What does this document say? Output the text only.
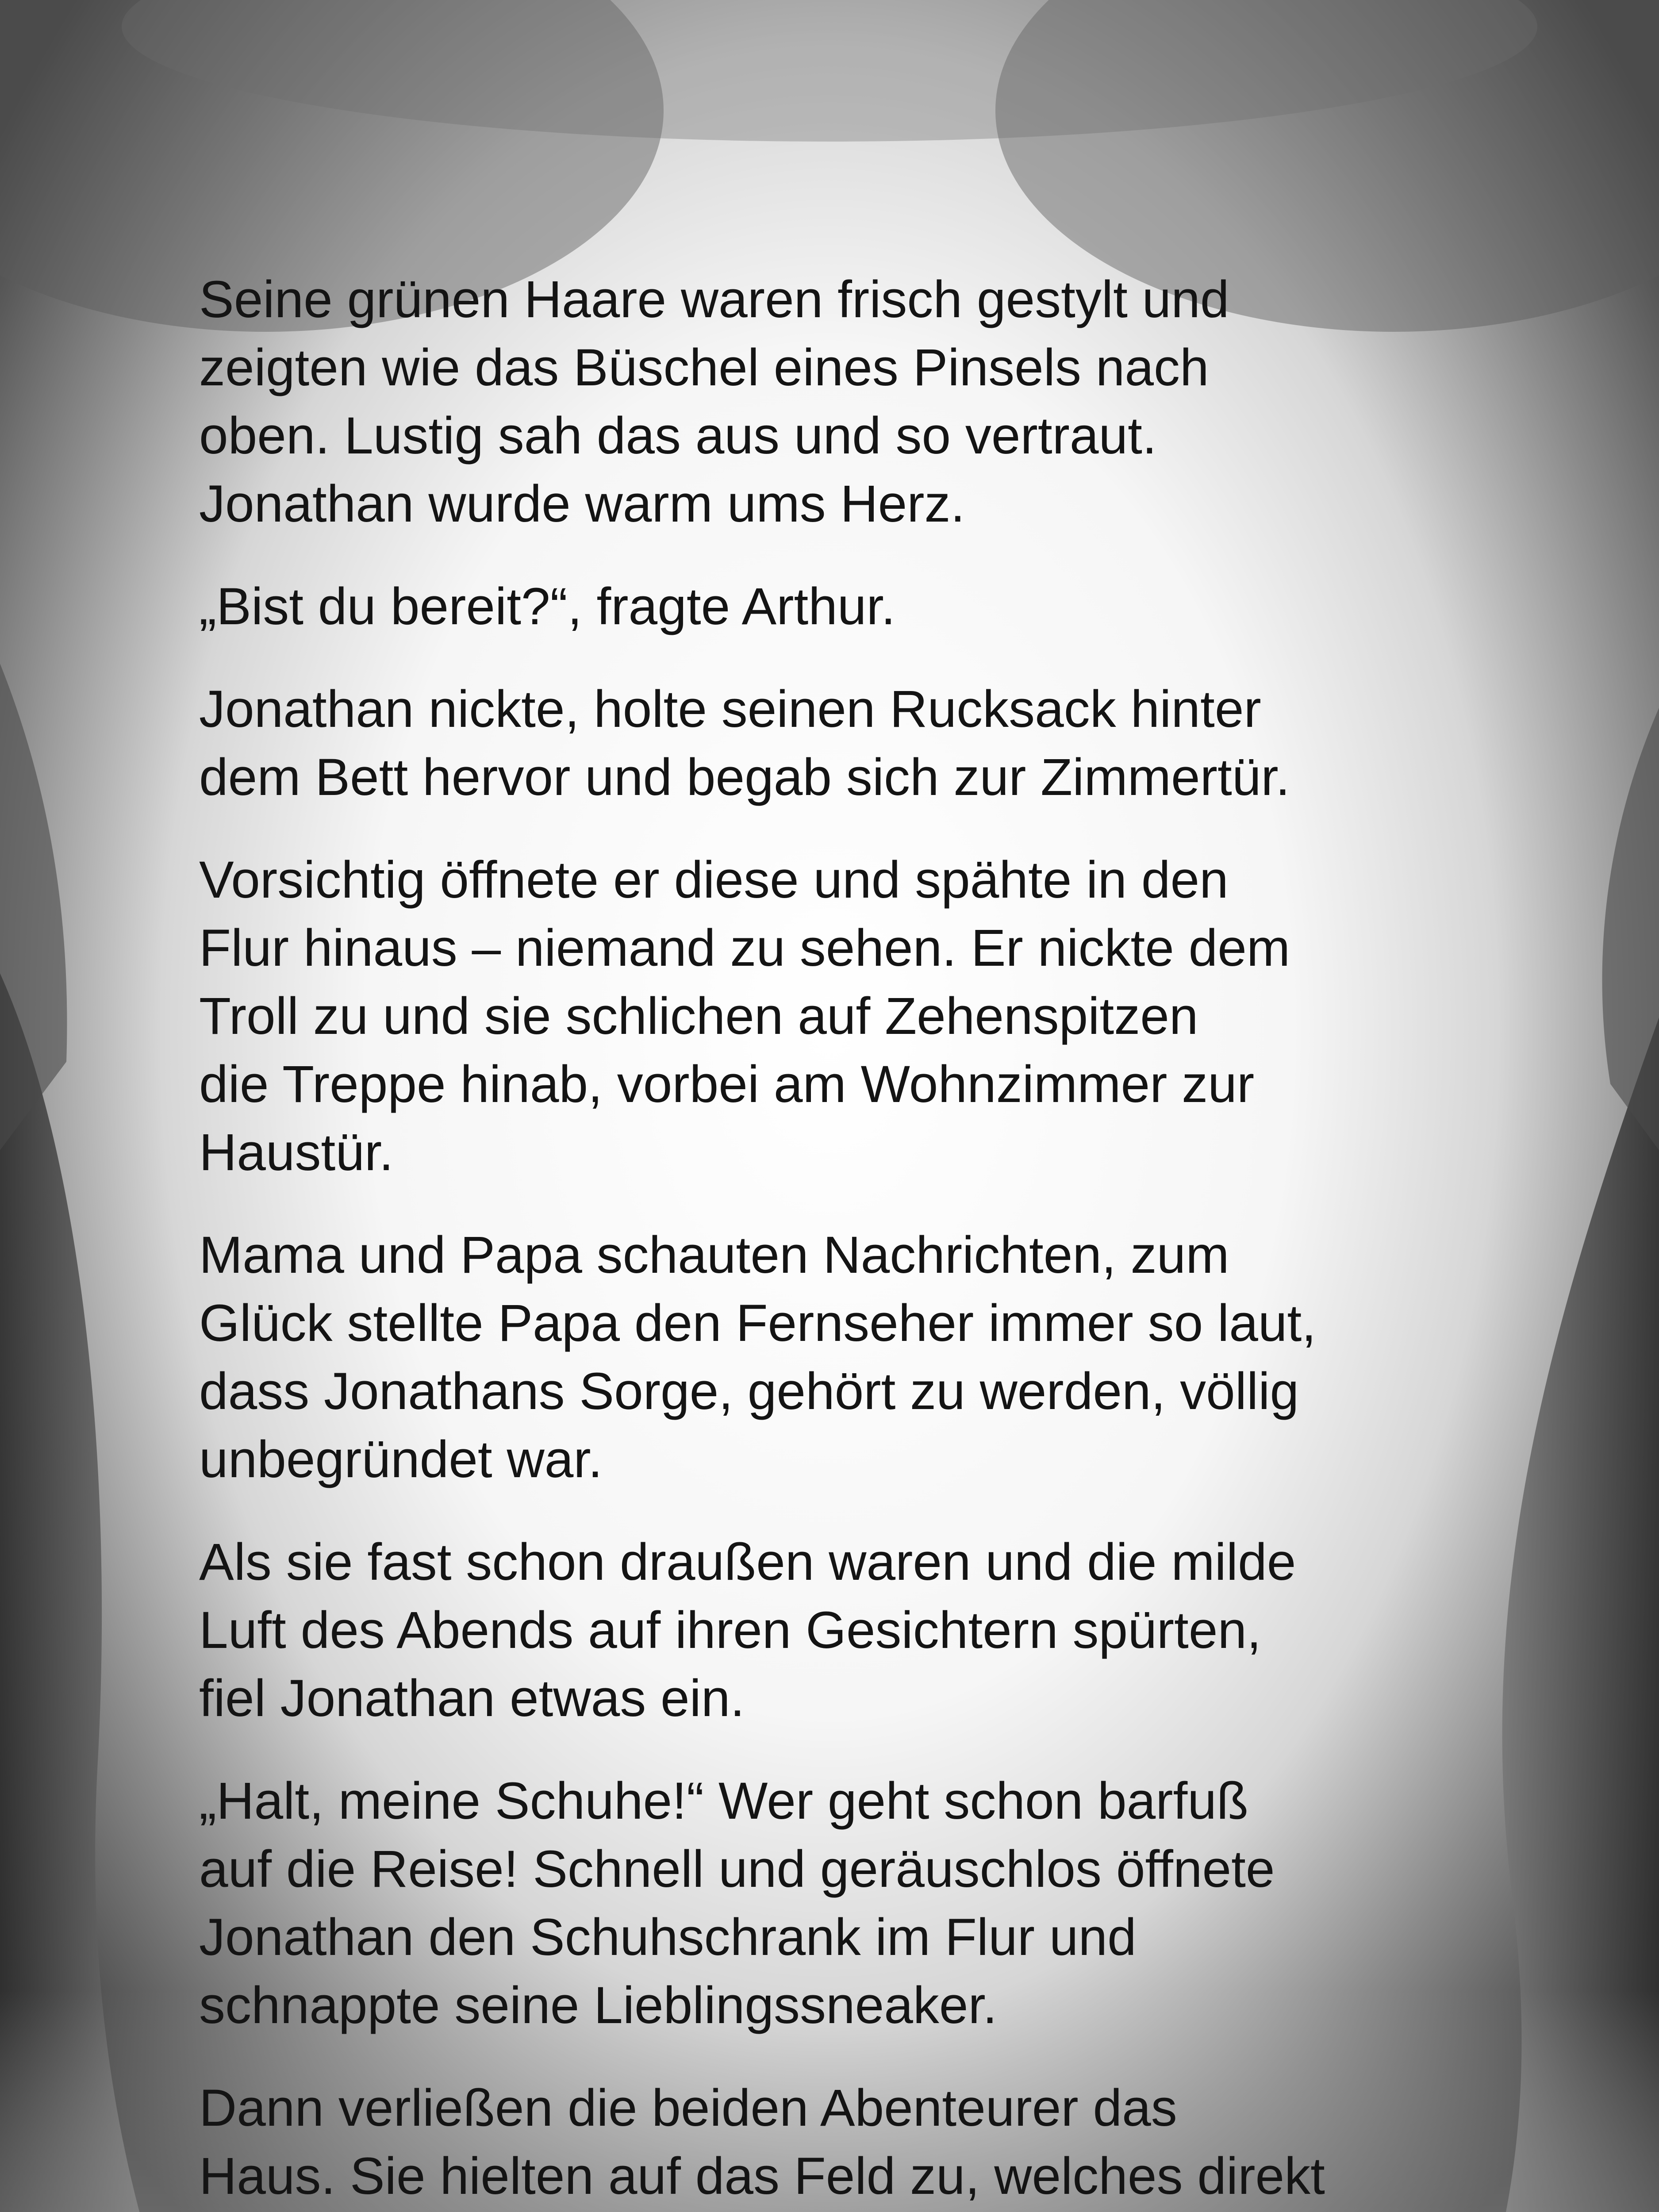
Seine grünen Haare waren frisch gestylt und
zeigten wie das Büschel eines Pinsels nach
oben. Lustig sah das aus und so vertraut.
Jonathan wurde warm ums Herz.

„Bist du bereit?“, fragte Arthur.

Jonathan nickte, holte seinen Rucksack hinter
dem Bett hervor und begab sich zur Zimmertür.

Vorsichtig öffnete er diese und spähte in den
Flur hinaus – niemand zu sehen. Er nickte dem
Troll zu und sie schlichen auf Zehenspitzen
die Treppe hinab, vorbei am Wohnzimmer zur
Haustür.

Mama und Papa schauten Nachrichten, zum
Glück stellte Papa den Fernseher immer so laut,
dass Jonathans Sorge, gehört zu werden, völlig
unbegründet war.

Als sie fast schon draußen waren und die milde
Luft des Abends auf ihren Gesichtern spürten,
fiel Jonathan etwas ein.

„Halt, meine Schuhe!“ Wer geht schon barfuß
auf die Reise! Schnell und geräuschlos öffnete
Jonathan den Schuhschrank im Flur und
schnappte seine Lieblingssneaker.

Dann verließen die beiden Abenteurer das
Haus. Sie hielten auf das Feld zu, welches direkt
